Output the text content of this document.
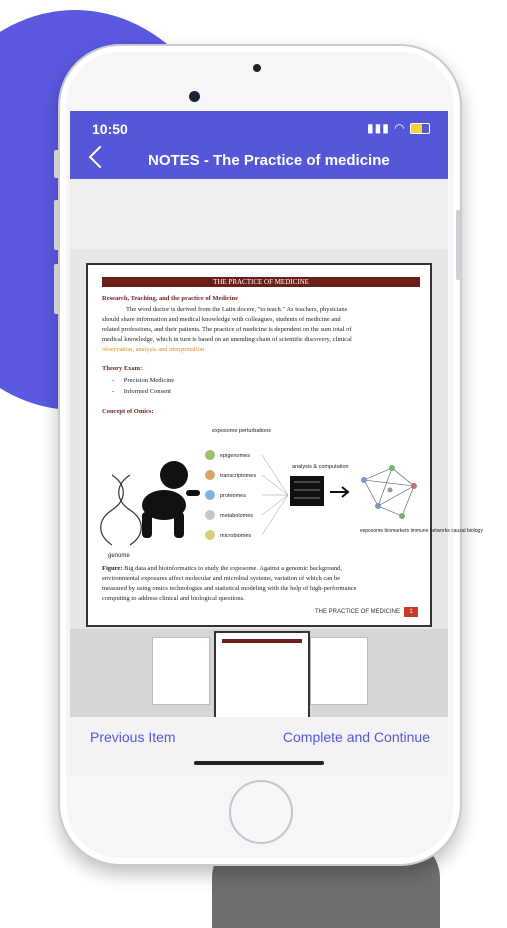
10:50	▮▮▮ ◠
NOTES - The Practice of medicine
THE PRACTICE OF MEDICINE
Research, Teaching, and the practice of Medicine
The word doctor is derived from the Latin docere, "to teach." As teachers, physicians
should share information and medical knowledge with colleagues, students of medicine and
related professions, and their patients. The practice of medicine is dependent on the sum total of
medical knowledge, which in turn is based on an unending chain of scientific discovery, clinical
observation, analysis and interpretation.
Theory Exam:
- Precision Medicine
- Informed Consent
Concept of Omics:
genome
exposome perturbations
epigenomes
transcriptomes
proteomes
metabolomes
microbiomes
analysis & computation
exposome biomarkers immune networks causal biology
Figure: Big data and bioinformatics to study the exposome. Against a genomic background,
environmental exposures affect molecular and microbial systems, variation of which can be
measured by using omics technologies and statistical modeling with the help of high-performance
computing to address clinical and biological questions.
THE PRACTICE OF MEDICINE 1
Previous Item	Complete and Continue
